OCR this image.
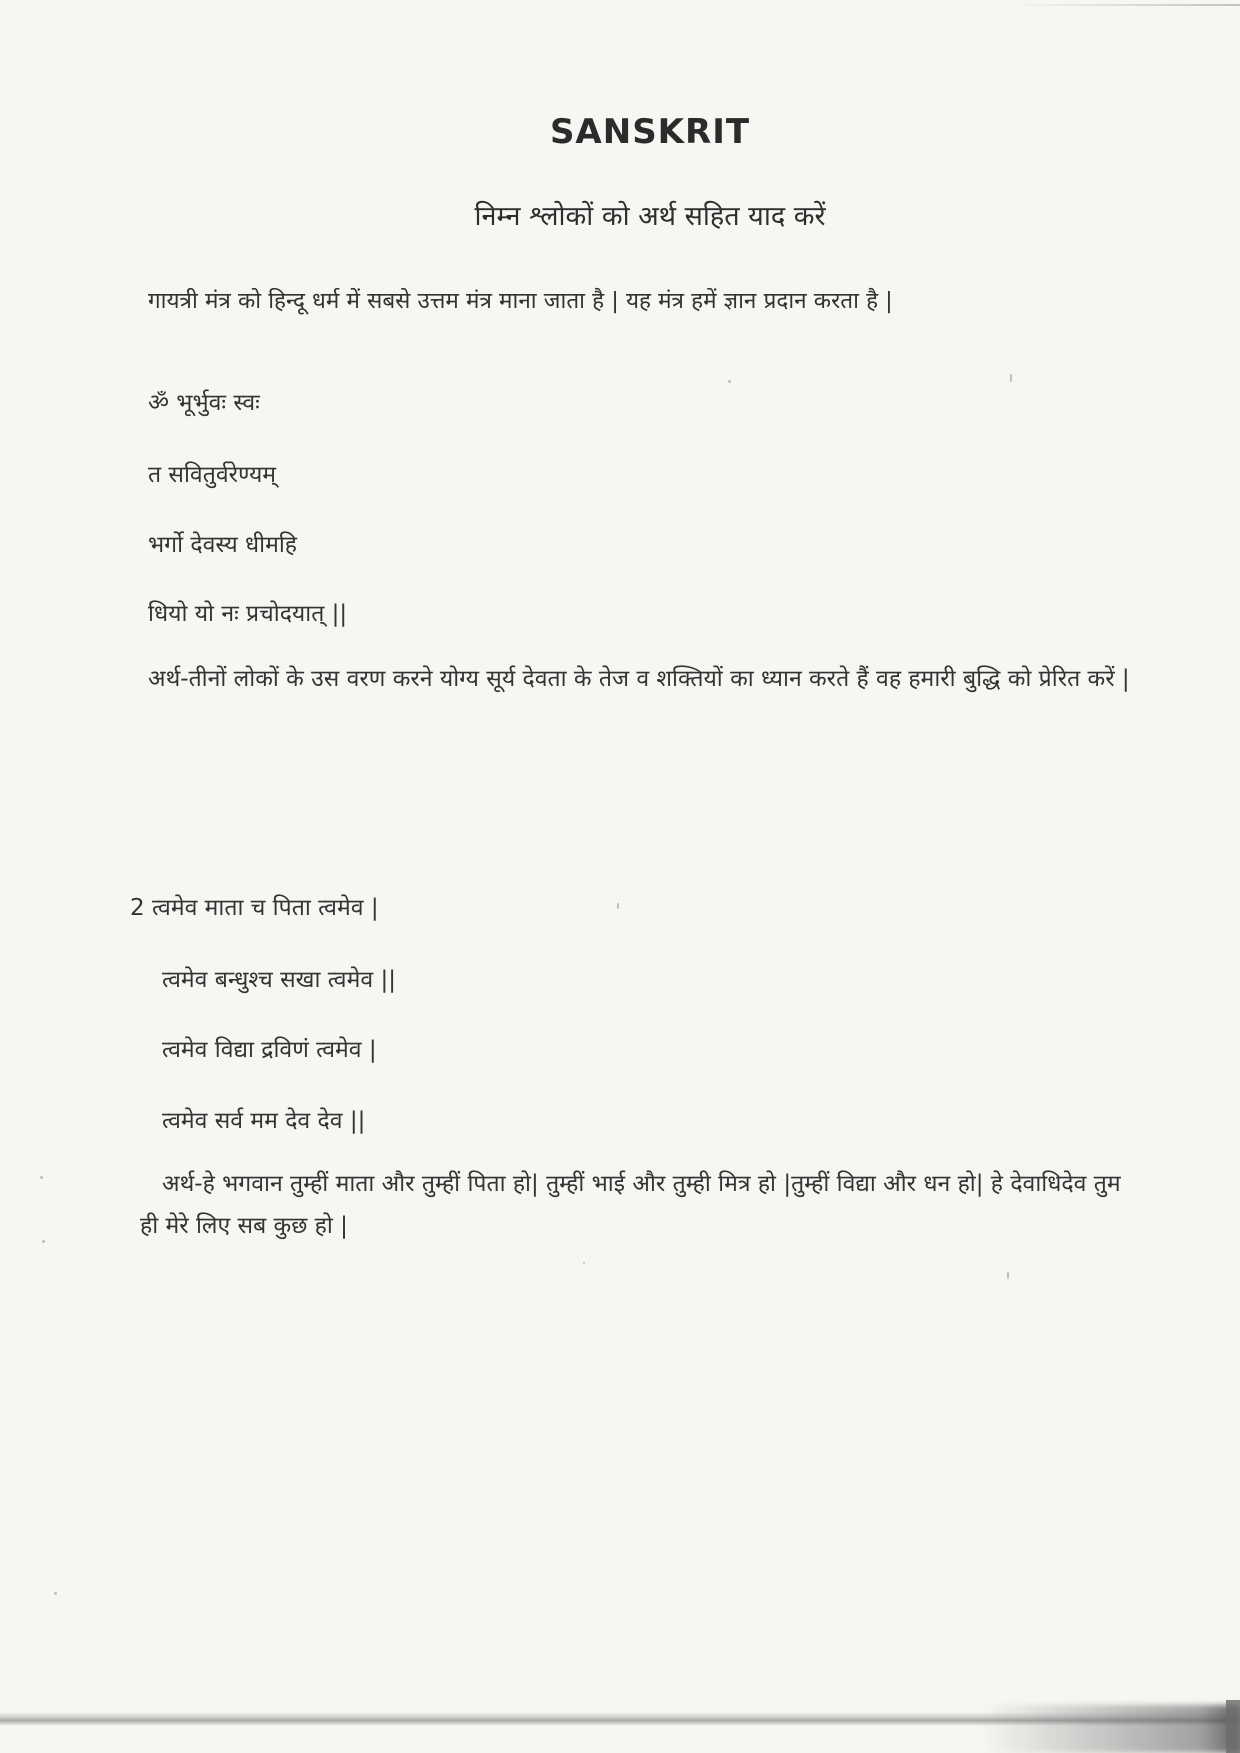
SANSKRIT
निम्न श्लोकों को अर्थ सहित याद करें
गायत्री मंत्र को हिन्दू धर्म में सबसे उत्तम मंत्र माना जाता है | यह मंत्र हमें ज्ञान प्रदान करता है |
ॐ भूर्भुवः स्वः
त सवितुर्वरेण्यम्
भर्गो देवस्य धीमहि
धियो यो नः प्रचोदयात् ||
अर्थ-तीनों लोकों के उस वरण करने योग्य सूर्य देवता के तेज व शक्तियों का ध्यान करते हैं वह हमारी बुद्धि को प्रेरित करें |
2 त्वमेव माता च पिता त्वमेव |
त्वमेव बन्धुश्च सखा त्वमेव ||
त्वमेव विद्या द्रविणं त्वमेव |
त्वमेव सर्व मम देव देव ||
अर्थ-हे भगवान तुम्हीं माता और तुम्हीं पिता हो| तुम्हीं भाई और तुम्ही मित्र हो |तुम्हीं विद्या और धन हो| हे देवाधिदेव तुम ही मेरे लिए सब कुछ हो |
